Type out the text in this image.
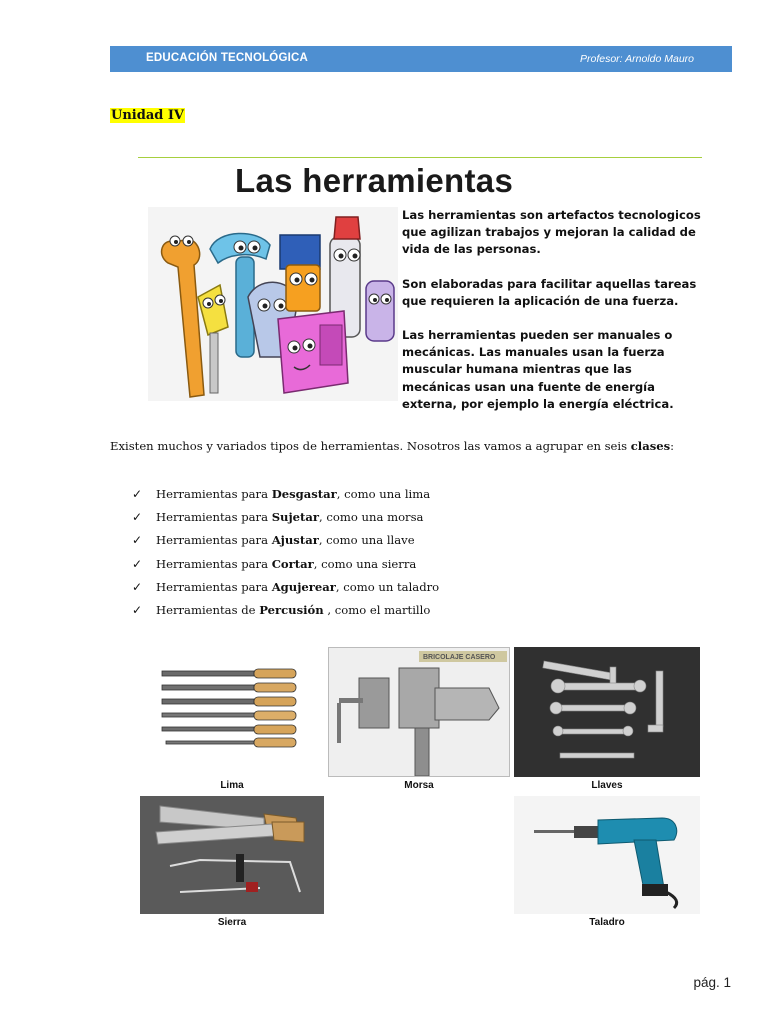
EDUCACIÓN TECNOLÓGICA	Profesor: Arnoldo Mauro
Unidad IV
Las herramientas

Las herramientas son artefactos tecnologicos que agilizan trabajos y mejoran la calidad de vida de las personas.

Son elaboradas para facilitar aquellas tareas que requieren la aplicación de una fuerza.

Las herramientas pueden ser manuales o mecánicas. Las manuales usan la fuerza muscular humana mientras que las mecánicas usan una fuente de energía externa, por ejemplo la energía eléctrica.

Existen muchos y variados tipos de herramientas. Nosotros las vamos a agrupar en seis clases:
✓ Herramientas para Desgastar, como una lima
✓ Herramientas para Sujetar, como una morsa
✓ Herramientas para Ajustar, como una llave
✓ Herramientas para Cortar, como una sierra
✓ Herramientas para Agujerear, como un taladro
✓ Herramientas de Percusión , como el martillo
Lima
BRICOLAJE CASERO
Morsa	Llaves
Sierra	Taladro
pág. 1
